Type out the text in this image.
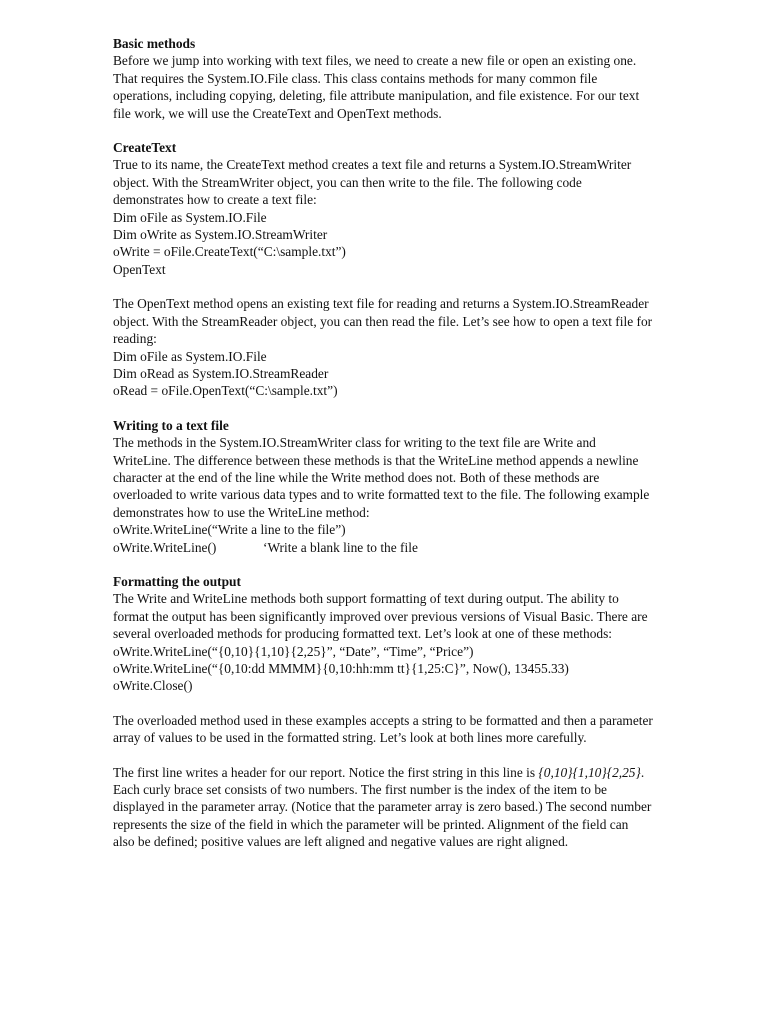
Basic methods

Before we jump into working with text files, we need to create a new file or open an existing one. That requires the System.IO.File class. This class contains methods for many common file operations, including copying, deleting, file attribute manipulation, and file existence. For our text file work, we will use the CreateText and OpenText methods.

CreateText

True to its name, the CreateText method creates a text file and returns a System.IO.StreamWriter object. With the StreamWriter object, you can then write to the file. The following code demonstrates how to create a text file:

Dim oFile as System.IO.File

Dim oWrite as System.IO.StreamWriter

oWrite = oFile.CreateText(“C:\sample.txt”)

OpenText

The OpenText method opens an existing text file for reading and returns a System.IO.StreamReader object. With the StreamReader object, you can then read the file. Let’s see how to open a text file for reading:

Dim oFile as System.IO.File

Dim oRead as System.IO.StreamReader

oRead = oFile.OpenText(“C:\sample.txt”)

Writing to a text file

The methods in the System.IO.StreamWriter class for writing to the text file are Write and WriteLine. The difference between these methods is that the WriteLine method appends a newline character at the end of the line while the Write method does not. Both of these methods are overloaded to write various data types and to write formatted text to the file. The following example demonstrates how to use the WriteLine method:

oWrite.WriteLine(“Write a line to the file”)

oWrite.WriteLine()	‘Write a blank line to the file

Formatting the output

The Write and WriteLine methods both support formatting of text during output. The ability to format the output has been significantly improved over previous versions of Visual Basic. There are several overloaded methods for producing formatted text. Let’s look at one of these methods:

oWrite.WriteLine(“{0,10}{1,10}{2,25}”, “Date”, “Time”, “Price”)

oWrite.WriteLine(“{0,10:dd MMMM}{0,10:hh:mm tt}{1,25:C}”, Now(), 13455.33)

oWrite.Close()

The overloaded method used in these examples accepts a string to be formatted and then a parameter array of values to be used in the formatted string. Let’s look at both lines more carefully.

The first line writes a header for our report. Notice the first string in this line is {0,10}{1,10}{2,25}. Each curly brace set consists of two numbers. The first number is the index of the item to be displayed in the parameter array. (Notice that the parameter array is zero based.) The second number represents the size of the field in which the parameter will be printed. Alignment of the field can also be defined; positive values are left aligned and negative values are right aligned.
